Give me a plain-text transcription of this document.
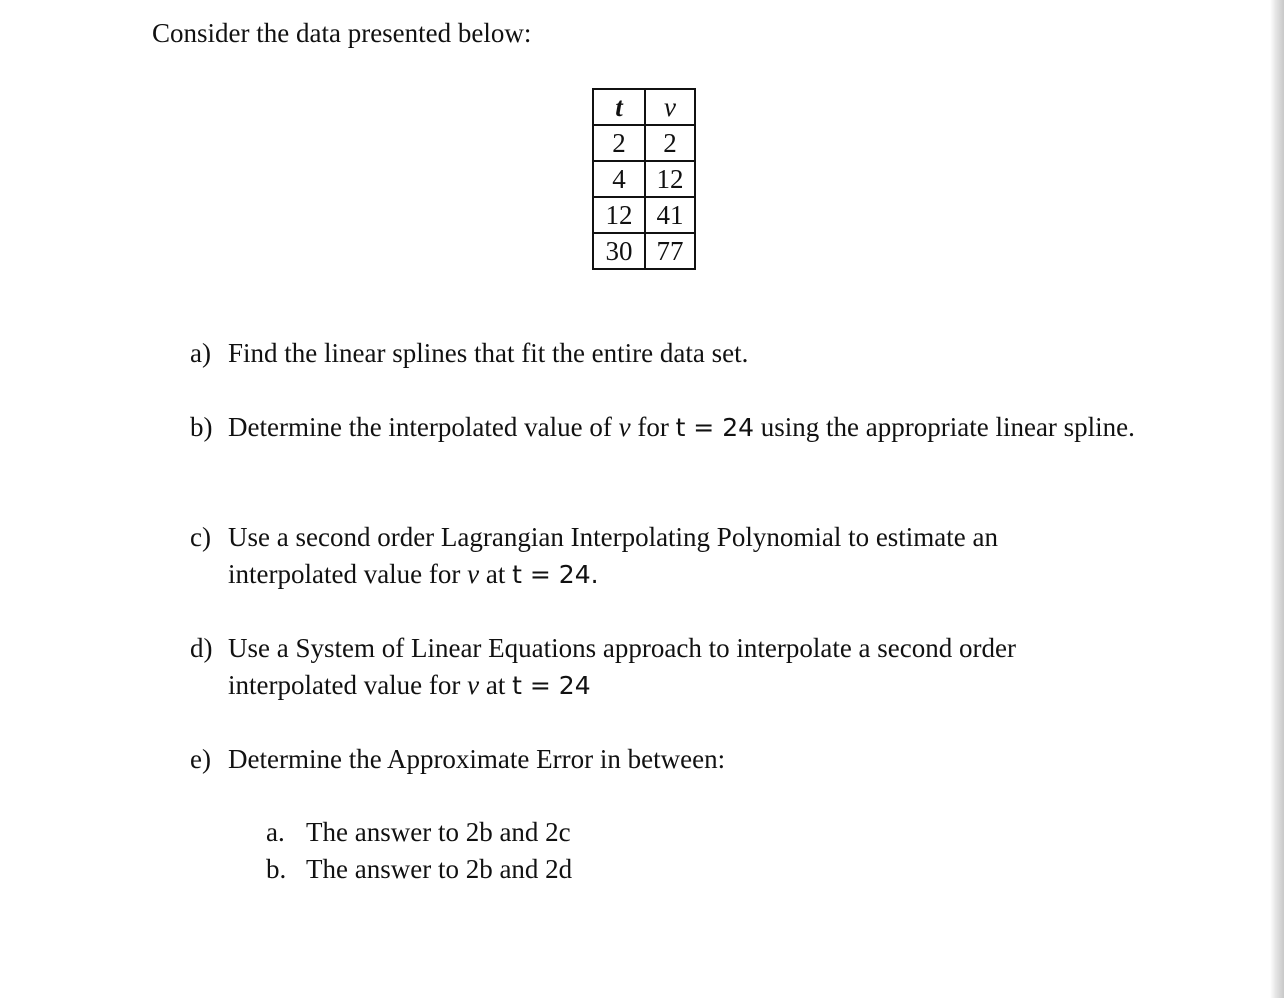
Consider the data presented below:

t	v
2	2
4	12
12	41
30	77
a) Find the linear splines that fit the entire data set.
b) Determine the interpolated value of v for t = 24 using the appropriate linear spline.
c) Use a second order Lagrangian Interpolating Polynomial to estimate an interpolated value for v at t = 24.
d) Use a System of Linear Equations approach to interpolate a second order interpolated value for v at t = 24
e) Determine the Approximate Error in between:
a. The answer to 2b and 2c
b. The answer to 2b and 2d
